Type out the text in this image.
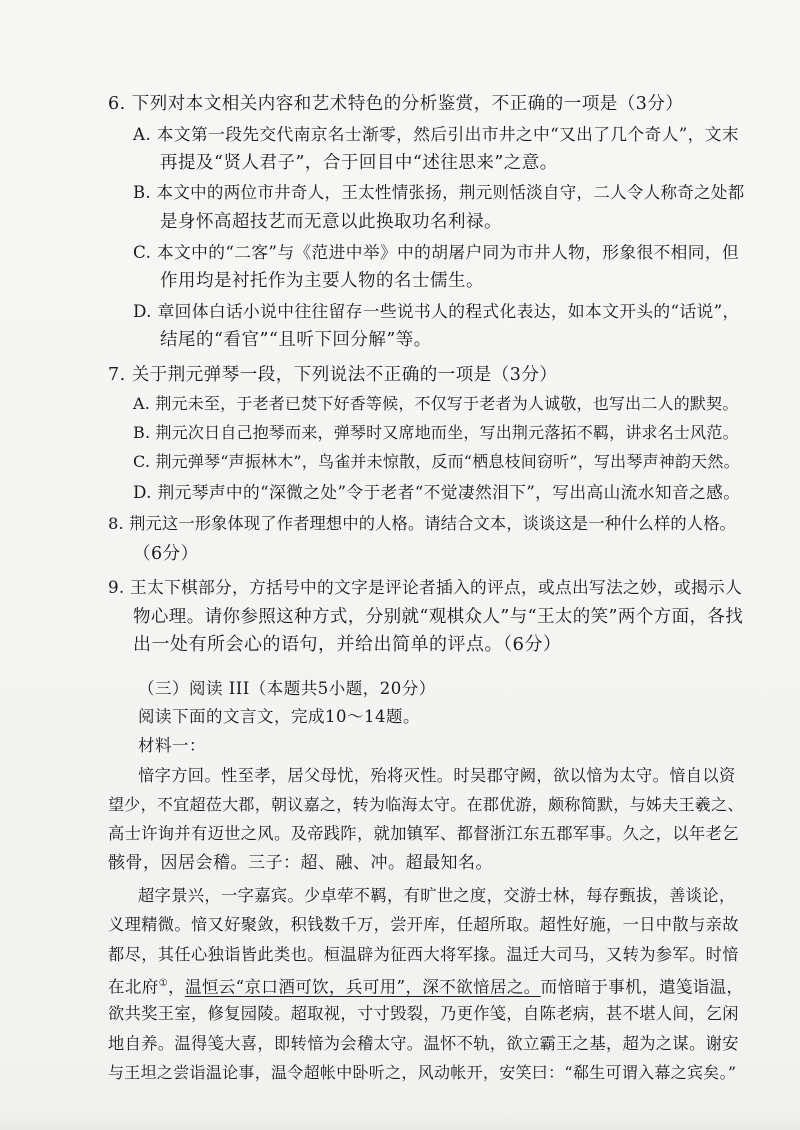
6. 下列对本文相关内容和艺术特色的分析鉴赏，不正确的一项是（3分）
A. 本文第一段先交代南京名士渐零，然后引出市井之中“又出了几个奇人”，文末
再提及“贤人君子”，合于回目中“述往思来”之意。
B. 本文中的两位市井奇人，王太性情张扬，荆元则恬淡自守，二人令人称奇之处都
是身怀高超技艺而无意以此换取功名利禄。
C. 本文中的“二客”与《范进中举》中的胡屠户同为市井人物，形象很不相同，但
作用均是衬托作为主要人物的名士儒生。
D. 章回体白话小说中往往留存一些说书人的程式化表达，如本文开头的“话说”，
结尾的“看官”“且听下回分解”等。
7. 关于荆元弹琴一段，下列说法不正确的一项是（3分）
A. 荆元未至，于老者已焚下好香等候，不仅写于老者为人诚敬，也写出二人的默契。
B. 荆元次日自己抱琴而来，弹琴时又席地而坐，写出荆元落拓不羁，讲求名士风范。
C. 荆元弹琴“声振林木”，鸟雀并未惊散，反而“栖息枝间窃听”，写出琴声神韵天然。
D. 荆元琴声中的“深微之处”令于老者“不觉凄然泪下”，写出高山流水知音之感。
8. 荆元这一形象体现了作者理想中的人格。请结合文本，谈谈这是一种什么样的人格。
（6分）
9. 王太下棋部分，方括号中的文字是评论者插入的评点，或点出写法之妙，或揭示人
物心理。请你参照这种方式，分别就“观棋众人”与“王太的笑”两个方面，各找
出一处有所会心的语句，并给出简单的评点。（6分）
（三）阅读 III（本题共5小题，20分）
阅读下面的文言文，完成10～14题。
材料一：
愔字方回。性至孝，居父母忧，殆将灭性。时吴郡守阙，欲以愔为太守。愔自以资
望少，不宜超莅大郡，朝议嘉之，转为临海太守。在郡优游，颇称简默，与姊夫王羲之、
高士许询并有迈世之风。及帝践阼，就加镇军、都督浙江东五郡军事。久之，以年老乞
骸骨，因居会稽。三子：超、融、冲。超最知名。
超字景兴，一字嘉宾。少卓荦不羁，有旷世之度，交游士林，每存甄拔，善谈论，
义理精微。愔又好聚敛，积钱数千万，尝开库，任超所取。超性好施，一日中散与亲故
都尽，其任心独诣皆此类也。桓温辟为征西大将军掾。温迁大司马，又转为参军。时愔
在北府①，温恒云“京口酒可饮，兵可用”，深不欲愔居之。而愔暗于事机，遣笺诣温，
欲共奖王室，修复园陵。超取视，寸寸毁裂，乃更作笺，自陈老病，甚不堪人间，乞闲
地自养。温得笺大喜，即转愔为会稽太守。温怀不轨，欲立霸王之基，超为之谋。谢安
与王坦之尝诣温论事，温令超帐中卧听之，风动帐开，安笑曰：“郗生可谓入幕之宾矣。”
